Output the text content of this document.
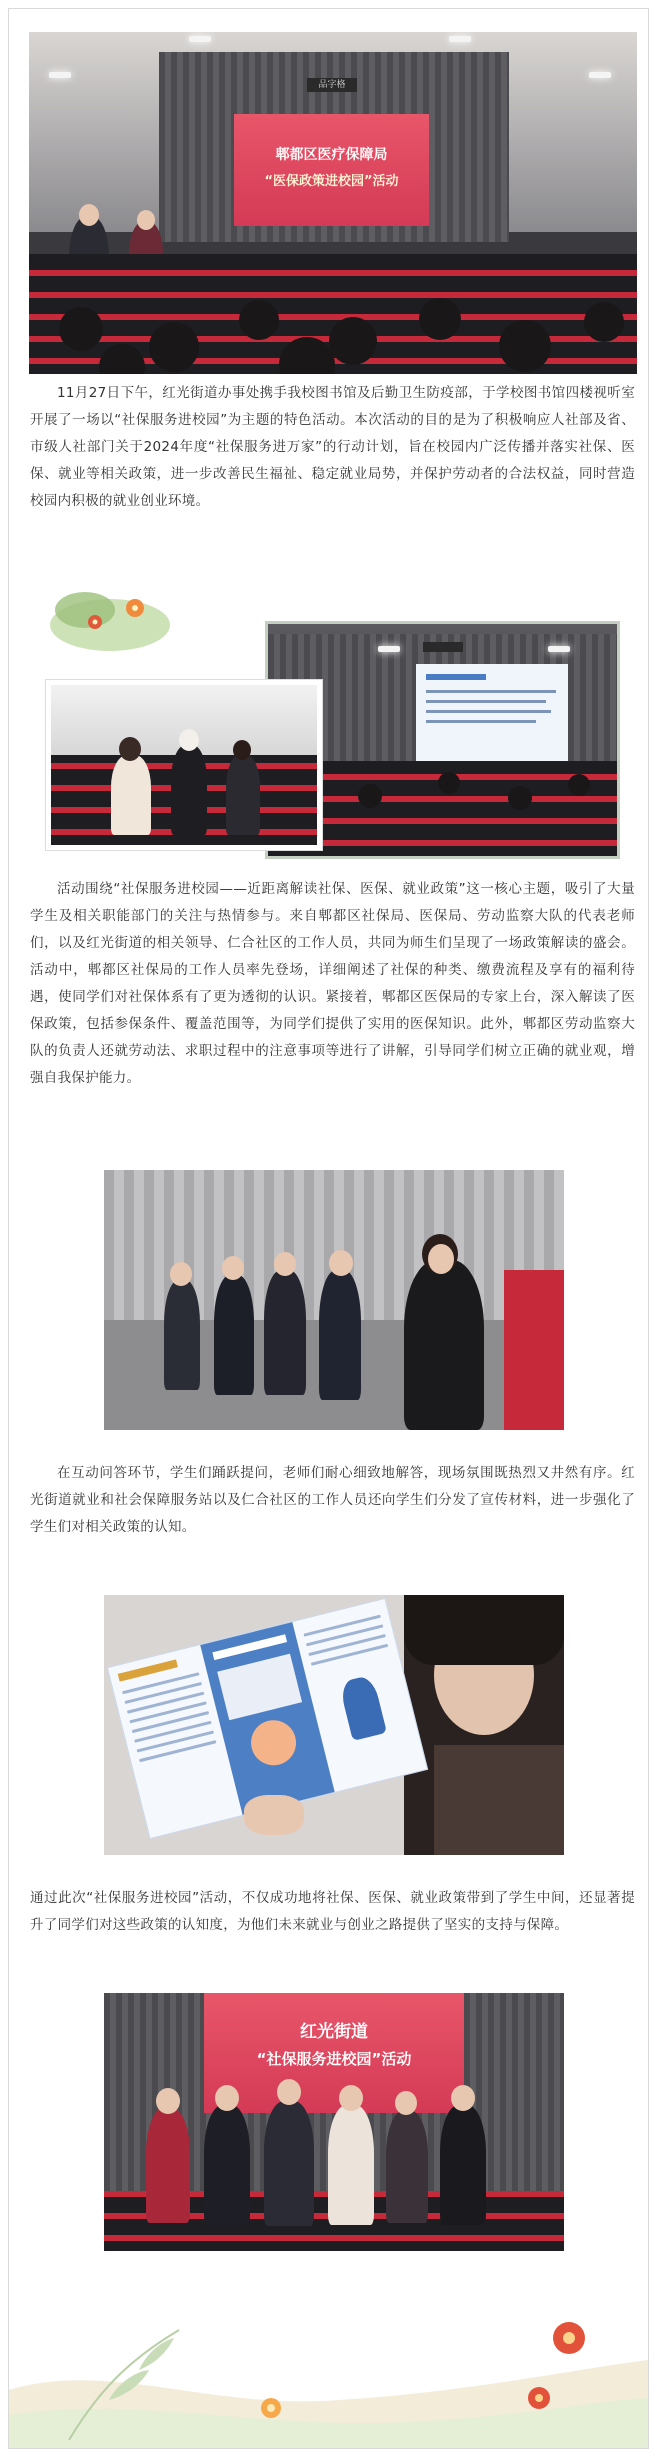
品字格
郫都区医疗保障局
“医保政策进校园”活动

11月27日下午，红光街道办事处携手我校图书馆及后勤卫生防疫部，于学校图书馆四楼视听室开展了一场以“社保服务进校园”为主题的特色活动。本次活动的目的是为了积极响应人社部及省、市级人社部门关于2024年度“社保服务进万家”的行动计划，旨在校园内广泛传播并落实社保、医保、就业等相关政策，进一步改善民生福祉、稳定就业局势，并保护劳动者的合法权益，同时营造校园内积极的就业创业环境。

活动围绕“社保服务进校园——近距离解读社保、医保、就业政策”这一核心主题，吸引了大量学生及相关职能部门的关注与热情参与。来自郫都区社保局、医保局、劳动监察大队的代表老师们，以及红光街道的相关领导、仁合社区的工作人员，共同为师生们呈现了一场政策解读的盛会。活动中，郫都区社保局的工作人员率先登场，详细阐述了社保的种类、缴费流程及享有的福利待遇，使同学们对社保体系有了更为透彻的认识。紧接着，郫都区医保局的专家上台，深入解读了医保政策，包括参保条件、覆盖范围等，为同学们提供了实用的医保知识。此外，郫都区劳动监察大队的负责人还就劳动法、求职过程中的注意事项等进行了讲解，引导同学们树立正确的就业观，增强自我保护能力。

在互动问答环节，学生们踊跃提问，老师们耐心细致地解答，现场氛围既热烈又井然有序。红光街道就业和社会保障服务站以及仁合社区的工作人员还向学生们分发了宣传材料，进一步强化了学生们对相关政策的认知。

通过此次“社保服务进校园”活动，不仅成功地将社保、医保、就业政策带到了学生中间，还显著提升了同学们对这些政策的认知度，为他们未来就业与创业之路提供了坚实的支持与保障。

红光街道
“社保服务进校园”活动
